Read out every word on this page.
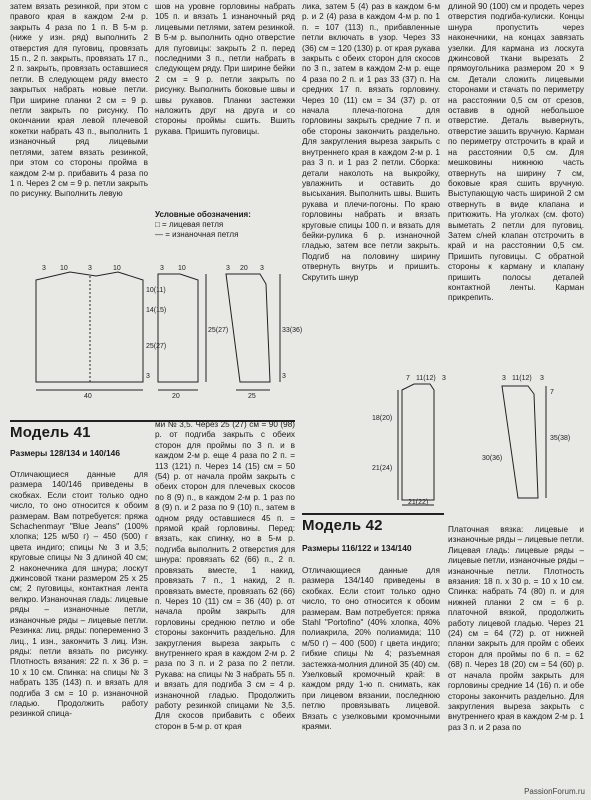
затем вязать резинкой, при этом с правого края в каждом 2-м р. закрыть 4 раза по 1 п. В 5-м р. (ниже у изн. ряд) выполнить 2 отверстия для пуговиц, провязать 15 п., 2 п. закрыть, провязать 17 п., 2 п. закрыть, провязать оставшиеся петли. В следующем ряду вместо закрытых набрать новые петли. При ширине планки 2 см = 9 р. петли закрыть по рисунку. По окончании края левой плечевой кокетки набрать 43 п., выполнить 1 изнаночный ряд лицевыми петлями, затем вязать резинкой, при этом со стороны пройма в каждом 2-м р. прибавить 4 раза по 1 п. Через 2 см = 9 р. петли закрыть по рисунку. Выполнить левую

шов на уровне горловины набрать 105 п. и вязать 1 изнаночный ряд лицевыми петлями, затем резинкой. В 5-м р. выполнить одно отверстие для пуговицы: закрыть 2 п. перед последними 3 п., петли набрать в следующем ряду. При ширине бейки 2 см = 9 р. петли закрыть по рисунку. Выполнить боковые швы и швы рукавов. Планки застежки наложить друг на друга и со стороны проймы сшить. Вшить рукава. Пришить пуговицы.

лика, затем 5 (4) раз в каждом 6-м р. и 2 (4) раза в каждом 4-м р. по 1 п. = 107 (113) п., прибавленные петли включать в узор. Через 33 (36) см = 120 (130) р. от края рукава закрыть с обеих сторон для скосов по 3 п., затем в каждом 2-м р. еще 4 раза по 2 п. и 1 раз 33 (37) п. На средних 17 п. вязать горловину. Через 10 (11) см = 34 (37) р. от начала плеча-погона для горловины закрыть средние 7 п. и обе стороны закончить раздельно. Для закругления выреза закрыть с внутреннего края в каждом 2-м р. 1 раз 3 п. и 1 раз 2 петли. Сборка: детали наколоть на выкройку, увлажнить и оставить до высыхания. Выполнить швы. Вшить рукава и плечи-погоны. По краю горловины набрать и вязать круговые спицы 100 п. и вязать для бейки-рулика 6 р. изнаночной гладью, затем все петли закрыть. Подгиб на половину ширину отвернуть внутрь и пришить. Скрутить шнур

длиной 90 (100) см и продеть через отверстия подгиба-кулиски. Концы шнура пропустить через наконечники, на концах завязать узелки. Для кармана из лоскута джинсовой ткани вырезать 2 прямоугольника размером 20 × 9 см. Детали сложить лицевыми сторонами и стачать по периметру на расстоянии 0,5 см от срезов, оставив в одной небольшое отверстие. Деталь вывернуть, отверстие зашить вручную. Карман по периметру отстрочить в край и на расстоянии 0,5 см. Для мешковины нижнюю часть отвернуть на ширину 7 см, боковые края сшить вручную. Выступающую часть шириной 2 см отвернуть в виде клапана и притюжить. На уголках (см. фото) выметать 2 петли для пуговиц. Затем с/ней клапан отстрочить в край и на расстоянии 0,5 см. Пришить пуговицы. С обратной стороны к карману и клапану пришить полосы деталей контактной ленты. Карман прикрепить.

Условные обозначения:
□ = лицевая петля
— = изнаночная петля
3 10	3	10	3 10	3 20 3
10(11)
14(15)
25(27)
3
25(27)	33(36)
3
40	20	25
Модель 41
Размеры 128/134 и 140/146

Отличающиеся данные для размера 140/146 приведены в скобках. Если стоит только одно число, то оно относится к обоим размерам. Вам потребуется: пряжа Schachenmayr "Blue Jeans" (100% хлопка; 125 м/50 г) – 450 (500) г цвета индиго; спицы № 3 и 3,5; круговые спицы № 3 длиной 40 см; 2 наконечника для шнура; лоскут джинсовой ткани размером 25 x 25 см; 2 пуговицы, контактная лента велкро. Изнаночная гладь: лицевые ряды – изнаночные петли, изнаночные ряды – лицевые петли. Резинка: лиц. ряды: попеременно 3 лиц., 1 изн., закончить 3 лиц. Изн. ряды: петли вязать по рисунку. Плотность вязания: 22 п. x 36 р. = 10 x 10 см. Спинка: на спицы № 3 набрать 135 (143) п. и вязать для подгиба 3 см = 10 р. изнаночной гладью. Продолжить работу резинкой спица-

ми № 3,5. Через 25 (27) см = 90 (98) р. от подгиба закрыть с обеих сторон для проймы по 3 п. и в каждом 2-м р. еще 4 раза по 2 п. = 113 (121) п. Через 14 (15) см = 50 (54) р. от начала пройм закрыть с обеих сторон для плечевых скосов по 8 (9) п., в каждом 2-м р. 1 раз по 8 (9) п. и 2 раза по 9 (10) п., затем в одном ряду оставшиеся 45 п. = прямой край горловины. Перед: вязать, как спинку, но в 5-м р. подгиба выполнить 2 отверстия для шнура: провязать 62 (66) п., 2 п. провязать вместе, 1 накид, провязать 7 п., 1 накид, 2 п. провязать вместе, провязать 62 (66) п. Через 10 (11) см = 36 (40) р. от начала пройм закрыть для горловины среднюю петлю и обе стороны закончить раздельно. Для закругления выреза закрыть с внутреннего края в каждом 2-м р. 2 раза по 3 п. и 2 раза по 2 петли. Рукава: на спицы № 3 набрать 55 п. и вязать для подгиба 3 см = 4 р. изнаночной гладью. Продолжить работу резинкой спицами № 3,5. Для скосов прибавить с обеих сторон в 5-м р. от края

7 11(12) 3
21(24)
18(20)
21(22)
3 11(12) 3
35(38)
7
30(36)
Модель 42
Размеры 116/122 и 134/140

Отличающиеся данные для размера 134/140 приведены в скобках. Если стоит только одно число, то оно относится к обоим размерам. Вам потребуется: пряжа Stahl "Portofino" (40% хлопка, 40% полиакрила, 20% полиамида; 110 м/50 г) – 400 (500) г цвета индиго; гибкие спицы № 4; разъемная застежка-молния длиной 35 (40) см. Узелковый кромочный край: в каждом ряду 1-ю п. снимать, как при лицевом вязании, последнюю петлю провязывать лицевой. Вязать с узелковыми кромочными краями.

Платочная вязка: лицевые и изнаночные ряды – лицевые петли. Лицевая гладь: лицевые ряды – лицевые петли, изнаночные ряды – изнаночные петли. Плотность вязания: 18 п. x 30 р. = 10 x 10 см. Спинка: набрать 74 (80) п. и для нижней планки 2 см = 6 р. платочной вязкой, продолжить работу лицевой гладью. Через 21 (24) см = 64 (72) р. от нижней планки закрыть для пройм с обеих сторон для проймы по 6 п. = 62 (68) п. Через 18 (20) см = 54 (60) р. от начала пройм закрыть для горловины средние 14 (16) п. и обе стороны закончить раздельно. Для закругления выреза закрыть с внутреннего края в каждом 2-м р. 1 раз 3 п. и 2 раза по

PassionForum.ru
